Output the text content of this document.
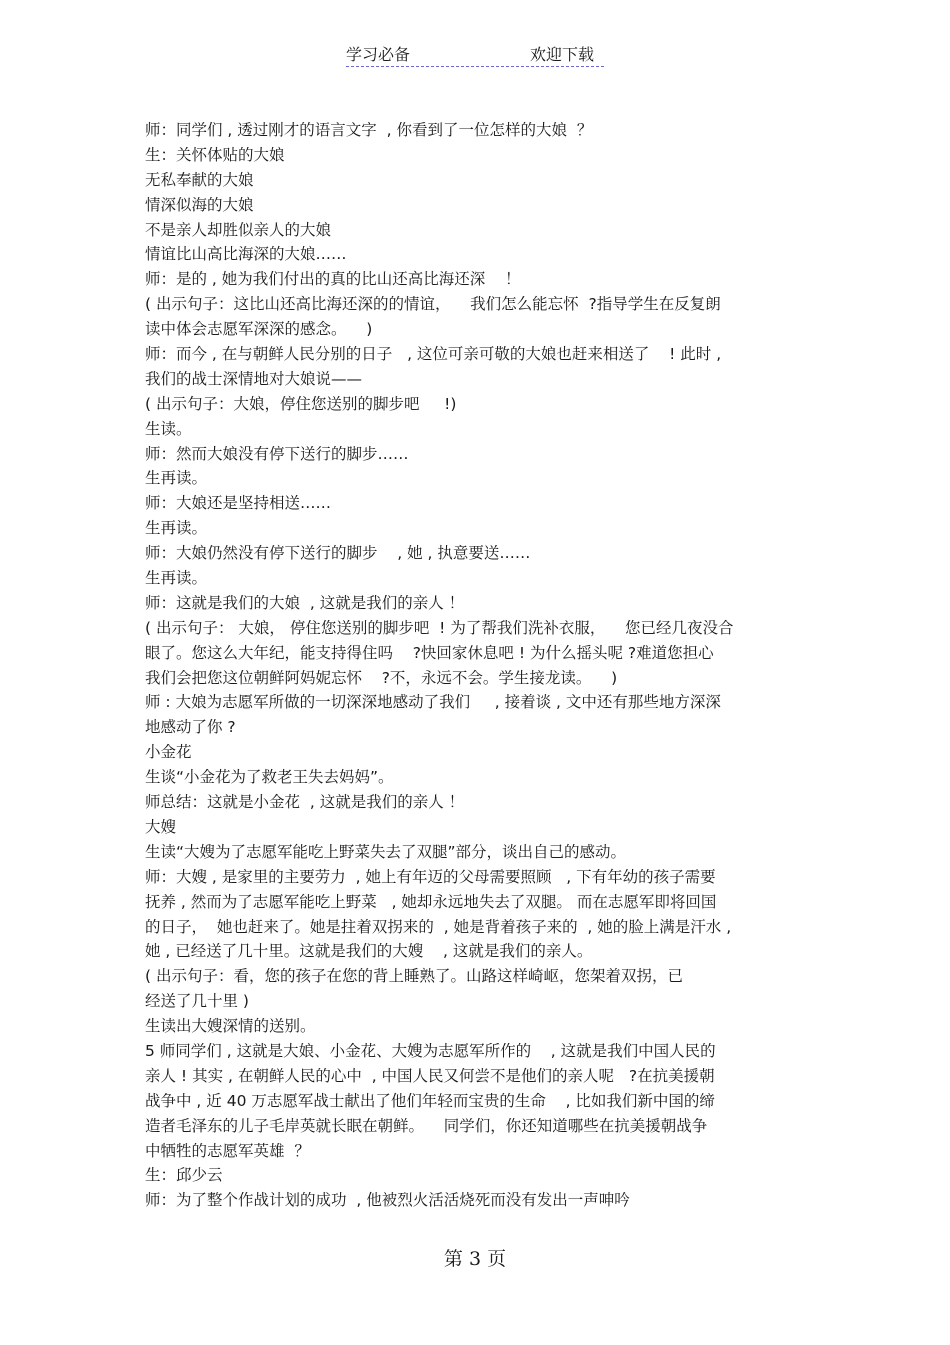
学习必备	欢迎下载
师：同学们 , 透过刚才的语言文字  , 你看到了一位怎样的大娘  ？
生：关怀体贴的大娘
无私奉献的大娘
情深似海的大娘
不是亲人却胜似亲人的大娘
情谊比山高比海深的大娘……
师：是的 , 她为我们付出的真的比山还高比海还深    ！
( 出示句子：这比山还高比海还深的的情谊，    我们怎么能忘怀  ?指导学生在反复朗
读中体会志愿军深深的感念。    )
师：而今 , 在与朝鲜人民分别的日子   , 这位可亲可敬的大娘也赶来相送了    ! 此时 ,
我们的战士深情地对大娘说——
( 出示句子：大娘，停住您送别的脚步吧     !)
生读。
师：然而大娘没有停下送行的脚步……
生再读。
师：大娘还是坚持相送……
生再读。
师：大娘仍然没有停下送行的脚步    , 她 , 执意要送……
生再读。
师：这就是我们的大娘  , 这就是我们的亲人 ！
( 出示句子： 大娘， 停住您送别的脚步吧  ! 为了帮我们洗补衣服，    您已经几夜没合
眼了。您这么大年纪，能支持得住吗    ?快回家休息吧 ! 为什么摇头呢 ?难道您担心
我们会把您这位朝鲜阿妈妮忘怀    ?不，永远不会。学生接龙读。    )
师 : 大娘为志愿军所做的一切深深地感动了我们     , 接着谈 , 文中还有那些地方深深
地感动了你 ?
小金花
生谈“小金花为了救老王失去妈妈”。
师总结：这就是小金花  , 这就是我们的亲人 ！
大嫂
生读“大嫂为了志愿军能吃上野菜失去了双腿”部分，谈出自己的感动。
师：大嫂 , 是家里的主要劳力  , 她上有年迈的父母需要照顾   , 下有年幼的孩子需要
抚养 , 然而为了志愿军能吃上野菜   , 她却永远地失去了双腿。 而在志愿军即将回国
的日子，  她也赶来了。她是拄着双拐来的  , 她是背着孩子来的  , 她的脸上满是汗水 ,
她 , 已经送了几十里。这就是我们的大嫂    , 这就是我们的亲人。
( 出示句子：看，您的孩子在您的背上睡熟了。山路这样崎岖，您架着双拐，已
经送了几十里 )
生读出大嫂深情的送别。
5 师同学们 , 这就是大娘、小金花、大嫂为志愿军所作的    , 这就是我们中国人民的
亲人 ! 其实 , 在朝鲜人民的心中  , 中国人民又何尝不是他们的亲人呢   ?在抗美援朝
战争中 , 近 40 万志愿军战士献出了他们年轻而宝贵的生命    , 比如我们新中国的缔
造者毛泽东的儿子毛岸英就长眠在朝鲜。    同学们，你还知道哪些在抗美援朝战争
中牺牲的志愿军英雄  ？
生：邱少云
师：为了整个作战计划的成功  , 他被烈火活活烧死而没有发出一声呻吟
第 3 页
